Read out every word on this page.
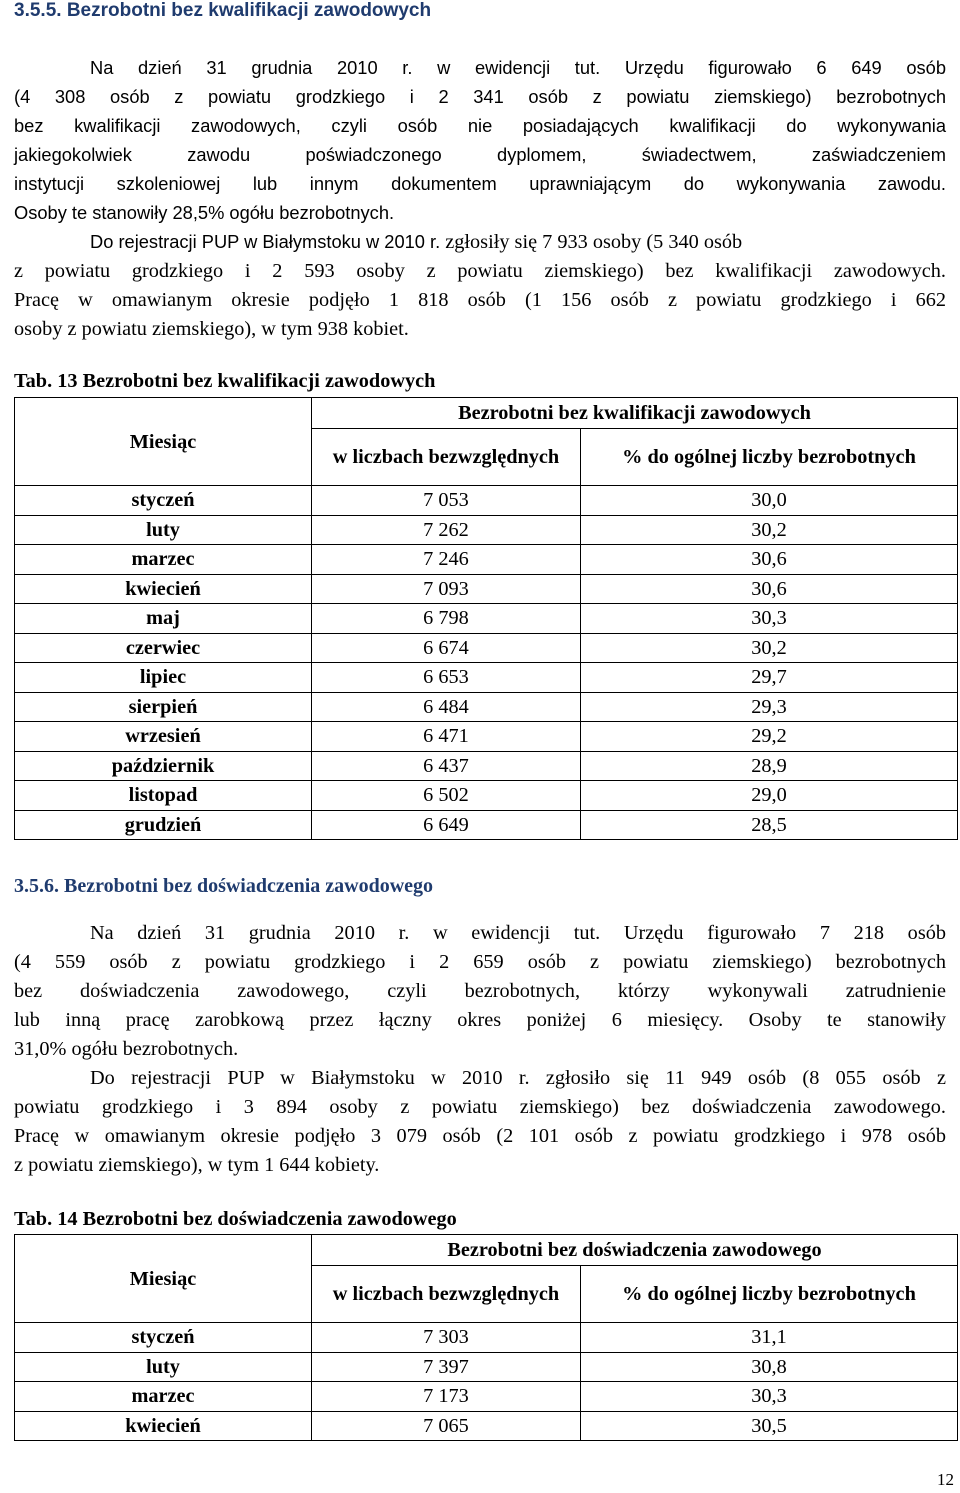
3.5.5. Bezrobotni bez kwalifikacji zawodowych
Na dzień 31 grudnia 2010 r. w ewidencji tut. Urzędu figurowało 6 649 osób
(4 308 osób z powiatu grodzkiego i 2 341 osób z powiatu ziemskiego) bezrobotnych
bez kwalifikacji zawodowych, czyli osób nie posiadających kwalifikacji do wykonywania
jakiegokolwiek zawodu poświadczonego dyplomem, świadectwem, zaświadczeniem
instytucji szkoleniowej lub innym dokumentem uprawniającym do wykonywania zawodu.
Osoby te stanowiły 28,5% ogółu bezrobotnych.
Do rejestracji PUP w Białymstoku w 2010 r. zgłosiły się 7 933 osoby (5 340 osób
z powiatu grodzkiego i 2 593 osoby z powiatu ziemskiego) bez kwalifikacji zawodowych.
Pracę w omawianym okresie podjęło 1 818 osób (1 156 osób z powiatu grodzkiego i 662
osoby z powiatu ziemskiego), w tym 938 kobiet.
Tab. 13 Bezrobotni bez kwalifikacji zawodowych
Miesiąc	Bezrobotni bez kwalifikacji zawodowych	
	w liczbach bezwzględnych	% do ogólnej liczby bezrobotnych
styczeń	7 053	30,0
luty	7 262	30,2
marzec	7 246	30,6
kwiecień	7 093	30,6
maj	6 798	30,3
czerwiec	6 674	30,2
lipiec	6 653	29,7
sierpień	6 484	29,3
wrzesień	6 471	29,2
październik	6 437	28,9
listopad	6 502	29,0
grudzień	6 649	28,5
3.5.6. Bezrobotni bez doświadczenia zawodowego
Na dzień 31 grudnia 2010 r. w ewidencji tut. Urzędu figurowało 7 218 osób
(4 559 osób z powiatu grodzkiego i 2 659 osób z powiatu ziemskiego) bezrobotnych
bez doświadczenia zawodowego, czyli bezrobotnych, którzy wykonywali zatrudnienie
lub inną pracę zarobkową przez łączny okres poniżej 6 miesięcy. Osoby te stanowiły
31,0% ogółu bezrobotnych.
Do rejestracji PUP w Białymstoku w 2010 r. zgłosiło się 11 949 osób (8 055 osób z
powiatu grodzkiego i 3 894 osoby z powiatu ziemskiego) bez doświadczenia zawodowego.
Pracę w omawianym okresie podjęło 3 079 osób (2 101 osób z powiatu grodzkiego i 978 osób
z powiatu ziemskiego), w tym 1 644 kobiety.
Tab. 14 Bezrobotni bez doświadczenia zawodowego
Miesiąc	Bezrobotni bez doświadczenia zawodowego	
	w liczbach bezwzględnych	% do ogólnej liczby bezrobotnych
styczeń	7 303	31,1
luty	7 397	30,8
marzec	7 173	30,3
kwiecień	7 065	30,5
12
